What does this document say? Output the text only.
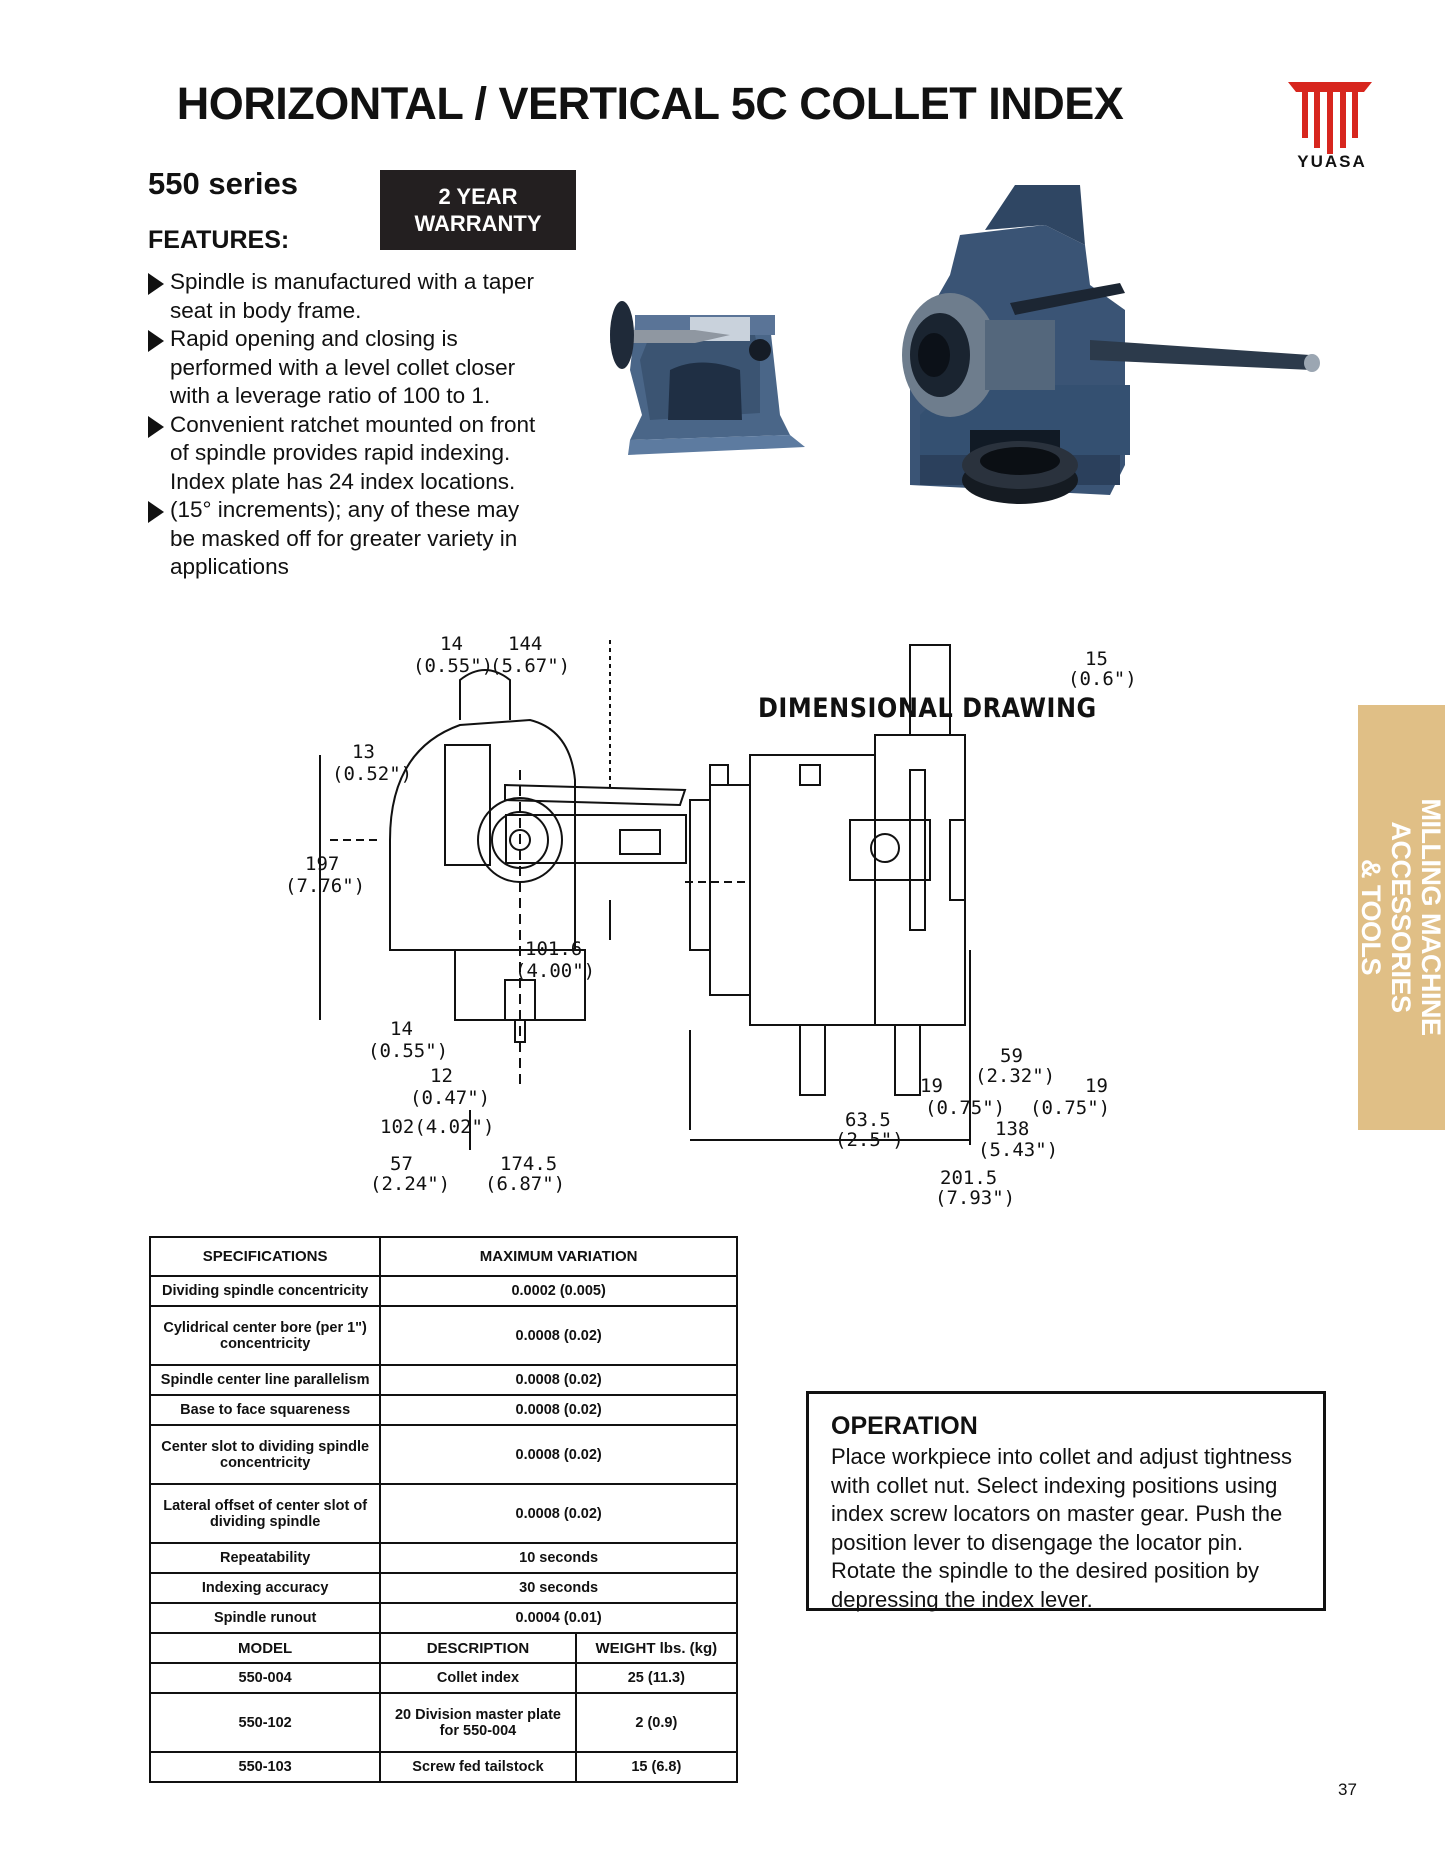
HORIZONTAL / VERTICAL 5C COLLET INDEX
YUASA
550 series	2 YEAR
WARRANTY
FEATURES:
Spindle is manufactured with a taper seat in body frame.
Rapid opening and closing is performed with a level collet closer with a leverage ratio of 100 to 1.
Convenient ratchet mounted on front of spindle provides rapid indexing. Index plate has 24 index locations.
(15° increments); any of these may be masked off for greater variety in applications
14
(0.55")
144
(5.67")
13
(0.52")
197
(7.76")
101.6
(4.00")
14
(0.55")
12
(0.47")
102(4.02")
57
(2.24")
174.5
(6.87")
15
(0.6")
59
(2.32")
19
(0.75")
19
(0.75")
63.5
(2.5")	138
(5.43")
201.5
(7.93")
DIMENSIONAL DRAWING
MILLING MACHINE ACCESSORIES
& TOOLS
SPECIFICATIONS	MAXIMUM VARIATION	
Dividing spindle concentricity	0.0002 (0.005)	
Cylidrical center bore (per 1") concentricity	0.0008 (0.02)	
Spindle center line parallelism	0.0008 (0.02)	
Base to face squareness	0.0008 (0.02)	
Center slot to dividing spindle concentricity	0.0008 (0.02)	
Lateral offset of center slot of dividing spindle	0.0008 (0.02)	
Repeatability	10 seconds	
Indexing accuracy	30 seconds	
Spindle runout	0.0004 (0.01)	
MODEL	DESCRIPTION	WEIGHT lbs. (kg)
550-004	Collet index	25 (11.3)
550-102	20 Division master plate for 550-004	2 (0.9)
550-103	Screw fed tailstock	15 (6.8)
OPERATION
Place workpiece into collet and adjust tightness with collet nut. Select indexing positions using index screw locators on master gear. Push the position lever to disengage the locator pin. Rotate the spindle to the desired position by depressing the index lever.
37
